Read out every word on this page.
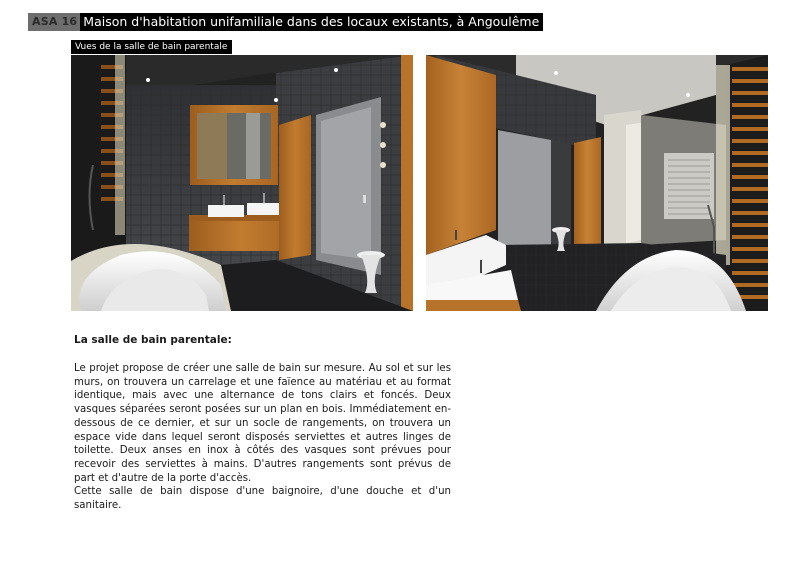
ASA 16 Maison d'habitation unifamiliale dans des locaux existants, à Angoulême
Vues de la salle de bain parentale
La salle de bain parentale:

Le projet propose de créer une salle de bain sur mesure. Au sol et sur les murs, on trouvera un carrelage et une faïence au matériau et au format identique, mais avec une alternance de tons clairs et foncés. Deux vasques séparées seront posées sur un plan en bois. Immédiatement en-dessous de ce dernier, et sur un socle de rangements, on trouvera un espace vide dans lequel seront disposés serviettes et autres linges de toilette. Deux anses en inox à côtés des vasques sont prévues pour recevoir des serviettes à mains. D'autres rangements sont prévus de part et d'autre de la porte d'accès.
Cette salle de bain dispose d'une baignoire, d'une douche et d'un sanitaire.
